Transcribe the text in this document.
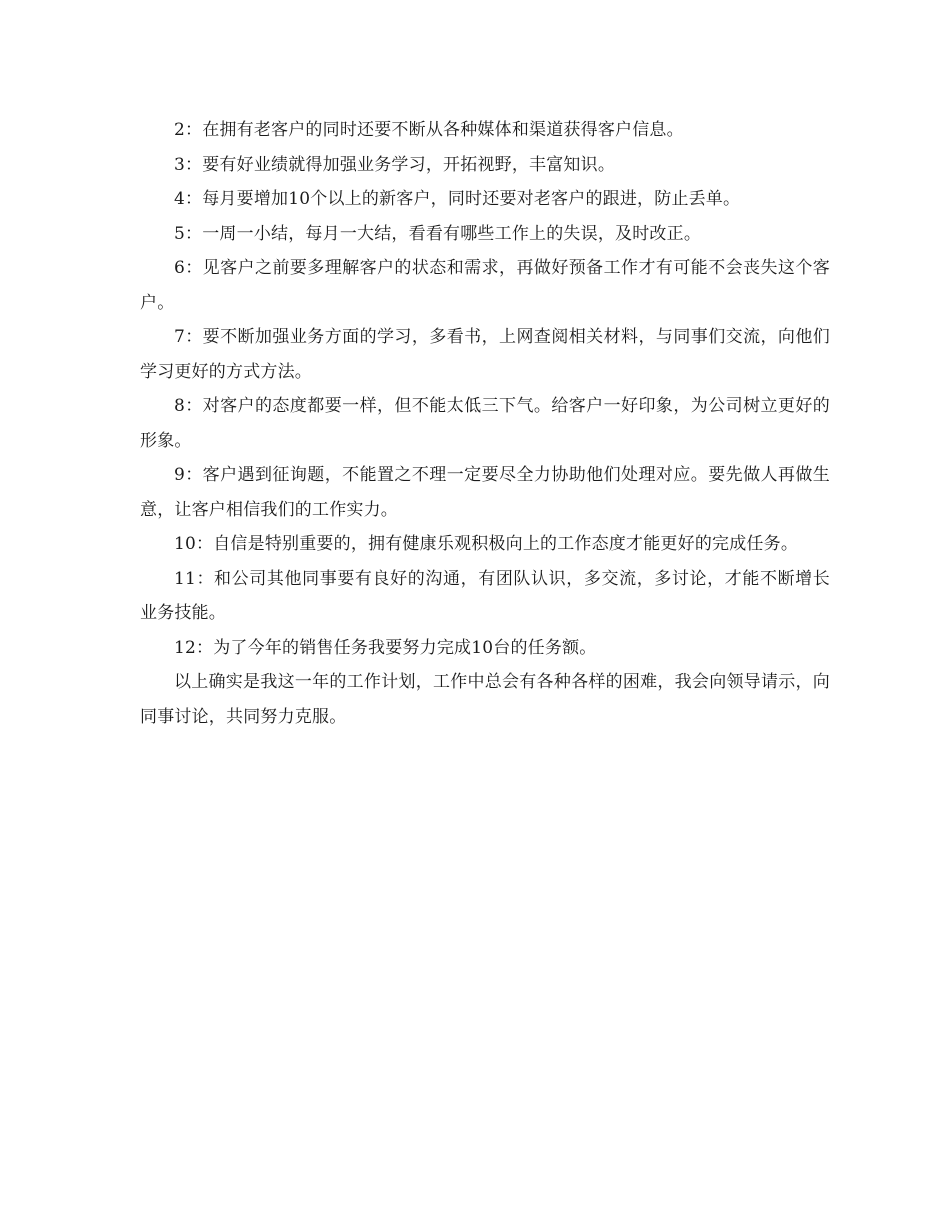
2：在拥有老客户的同时还要不断从各种媒体和渠道获得客户信息。

3：要有好业绩就得加强业务学习，开拓视野，丰富知识。

4：每月要增加10个以上的新客户，同时还要对老客户的跟进，防止丢单。

5：一周一小结，每月一大结，看看有哪些工作上的失误，及时改正。

6：见客户之前要多理解客户的状态和需求，再做好预备工作才有可能不会丧失这个客户。

7：要不断加强业务方面的学习，多看书，上网查阅相关材料，与同事们交流，向他们学习更好的方式方法。

8：对客户的态度都要一样，但不能太低三下气。给客户一好印象，为公司树立更好的形象。

9：客户遇到征询题，不能置之不理一定要尽全力协助他们处理对应。要先做人再做生意，让客户相信我们的工作实力。

10：自信是特别重要的，拥有健康乐观积极向上的工作态度才能更好的完成任务。

11：和公司其他同事要有良好的沟通，有团队认识，多交流，多讨论，才能不断增长业务技能。

12：为了今年的销售任务我要努力完成10台的任务额。

以上确实是我这一年的工作计划，工作中总会有各种各样的困难，我会向领导请示，向同事讨论，共同努力克服。
